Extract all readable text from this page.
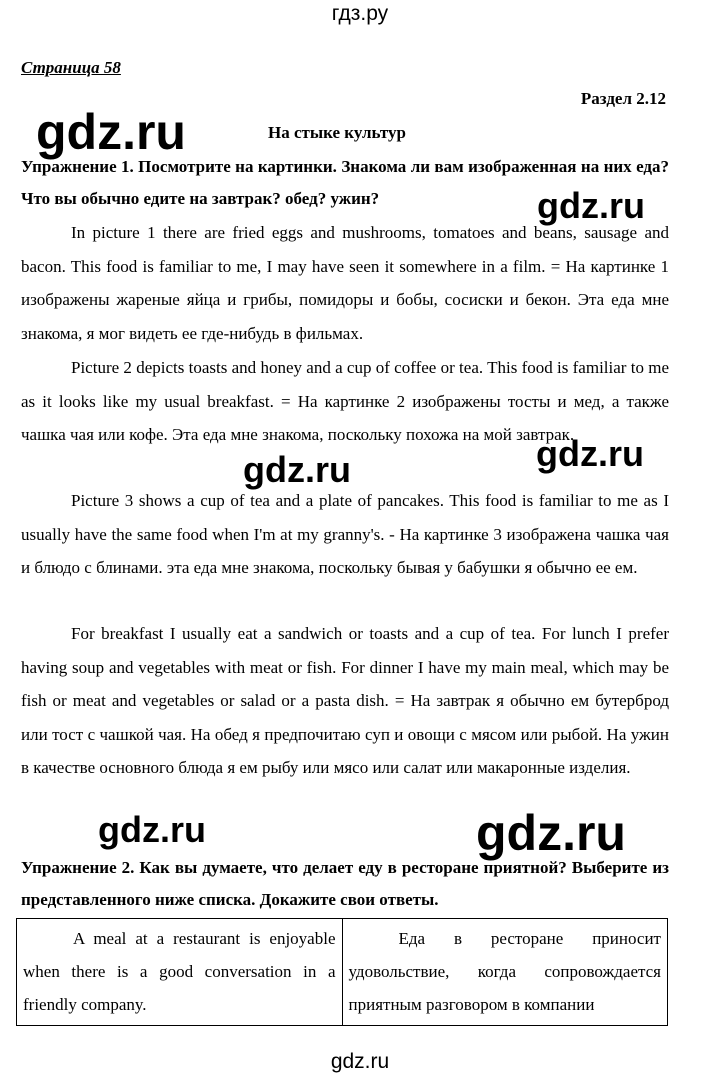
гдз.ру
Страница 58
Раздел 2.12
gdz.ru	На стыке культур
Упражнение 1. Посмотрите на картинки. Знакома ли вам изображенная на них еда? Что вы обычно едите на завтрак? обед? ужин?	gdz.ru

In picture 1 there are fried eggs and mushrooms, tomatoes and beans, sausage and bacon. This food is familiar to me, I may have seen it somewhere in a film. = На картинке 1 изображены жареные яйца и грибы, помидоры и бобы, сосиски и бекон. Эта еда мне знакома, я мог видеть ее где-нибудь в фильмах.

Picture 2 depicts toasts and honey and a cup of coffee or tea. This food is familiar to me as it looks like my usual breakfast. = На картинке 2 изображены тосты и мед, а также чашка чая или кофе. Эта еда мне знакома, поскольку похожа на мой завтрак.

gdz.ru	gdz.ru

Picture 3 shows a cup of tea and a plate of pancakes. This food is familiar to me as I usually have the same food when I'm at my granny's. - На картинке 3 изображена чашка чая и блюдо с блинами. эта еда мне знакома, поскольку бывая у бабушки я обычно ее ем.

For breakfast I usually eat a sandwich or toasts and a cup of tea. For lunch I prefer having soup and vegetables with meat or fish. For dinner I have my main meal, which may be fish or meat and vegetables or salad or a pasta dish. = На завтрак я обычно ем бутерброд или тост с чашкой чая. На обед я предпочитаю суп и овощи с мясом или рыбой. На ужин в качестве основного блюда я ем рыбу или мясо или салат или макаронные изделия.

gdz.ru	gdz.ru
Упражнение 2. Как вы думаете, что делает еду в ресторане приятной? Выберите из представленного ниже списка. Докажите свои ответы.
A meal at a restaurant is enjoyable when there is a good conversation in a friendly company.	Еда в ресторане приносит удовольствие, когда сопровождается приятным разговором в компании
gdz.ru
